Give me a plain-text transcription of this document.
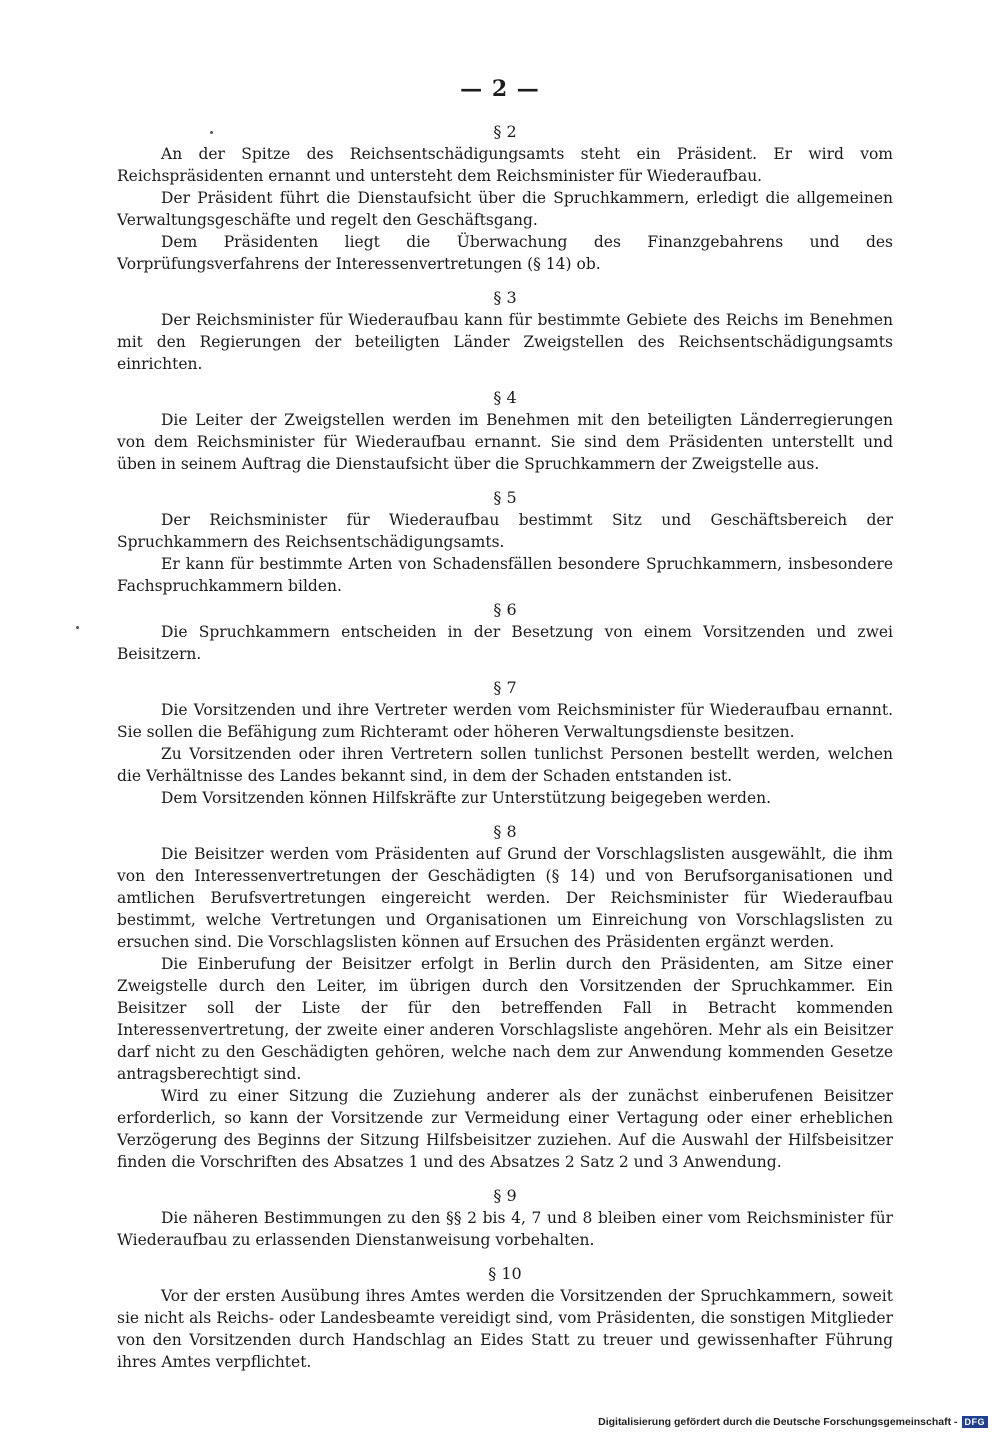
— 2 —
§ 2

An der Spitze des Reichsentschädigungsamts steht ein Präsident. Er wird vom Reichspräsidenten ernannt und untersteht dem Reichsminister für Wiederaufbau.

Der Präsident führt die Dienstaufsicht über die Spruchkammern, erledigt die allgemeinen Verwaltungsgeschäfte und regelt den Geschäftsgang.

Dem Präsidenten liegt die Überwachung des Finanzgebahrens und des Vorprüfungsverfahrens der Interessenvertretungen (§ 14) ob.

§ 3

Der Reichsminister für Wiederaufbau kann für bestimmte Gebiete des Reichs im Benehmen mit den Regierungen der beteiligten Länder Zweigstellen des Reichsentschädigungsamts einrichten.

§ 4

Die Leiter der Zweigstellen werden im Benehmen mit den beteiligten Länderregierungen von dem Reichsminister für Wiederaufbau ernannt. Sie sind dem Präsidenten unterstellt und üben in seinem Auftrag die Dienstaufsicht über die Spruchkammern der Zweigstelle aus.

§ 5

Der Reichsminister für Wiederaufbau bestimmt Sitz und Geschäftsbereich der Spruchkammern des Reichsentschädigungsamts.

Er kann für bestimmte Arten von Schadensfällen besondere Spruchkammern, insbesondere Fachspruchkammern bilden.

§ 6

Die Spruchkammern entscheiden in der Besetzung von einem Vorsitzenden und zwei Beisitzern.

§ 7

Die Vorsitzenden und ihre Vertreter werden vom Reichsminister für Wiederaufbau ernannt. Sie sollen die Befähigung zum Richteramt oder höheren Verwaltungsdienste besitzen.

Zu Vorsitzenden oder ihren Vertretern sollen tunlichst Personen bestellt werden, welchen die Verhältnisse des Landes bekannt sind, in dem der Schaden entstanden ist.

Dem Vorsitzenden können Hilfskräfte zur Unterstützung beigegeben werden.

§ 8

Die Beisitzer werden vom Präsidenten auf Grund der Vorschlagslisten ausgewählt, die ihm von den Interessenvertretungen der Geschädigten (§ 14) und von Berufsorganisationen und amtlichen Berufsvertretungen eingereicht werden. Der Reichsminister für Wiederaufbau bestimmt, welche Vertretungen und Organisationen um Einreichung von Vorschlagslisten zu ersuchen sind. Die Vorschlagslisten können auf Ersuchen des Präsidenten ergänzt werden.

Die Einberufung der Beisitzer erfolgt in Berlin durch den Präsidenten, am Sitze einer Zweigstelle durch den Leiter, im übrigen durch den Vorsitzenden der Spruchkammer. Ein Beisitzer soll der Liste der für den betreffenden Fall in Betracht kommenden Interessenvertretung, der zweite einer anderen Vorschlagsliste angehören. Mehr als ein Beisitzer darf nicht zu den Geschädigten gehören, welche nach dem zur Anwendung kommenden Gesetze antragsberechtigt sind.

Wird zu einer Sitzung die Zuziehung anderer als der zunächst einberufenen Beisitzer erforderlich, so kann der Vorsitzende zur Vermeidung einer Vertagung oder einer erheblichen Verzögerung des Beginns der Sitzung Hilfsbeisitzer zuziehen. Auf die Auswahl der Hilfsbeisitzer finden die Vorschriften des Absatzes 1 und des Absatzes 2 Satz 2 und 3 Anwendung.

§ 9

Die näheren Bestimmungen zu den §§ 2 bis 4, 7 und 8 bleiben einer vom Reichsminister für Wiederaufbau zu erlassenden Dienstanweisung vorbehalten.

§ 10

Vor der ersten Ausübung ihres Amtes werden die Vorsitzenden der Spruchkammern, soweit sie nicht als Reichs- oder Landesbeamte vereidigt sind, vom Präsidenten, die sonstigen Mitglieder von den Vorsitzenden durch Handschlag an Eides Statt zu treuer und gewissenhafter Führung ihres Amtes verpflichtet.

Digitalisierung gefördert durch die Deutsche Forschungsgemeinschaft - DFG
